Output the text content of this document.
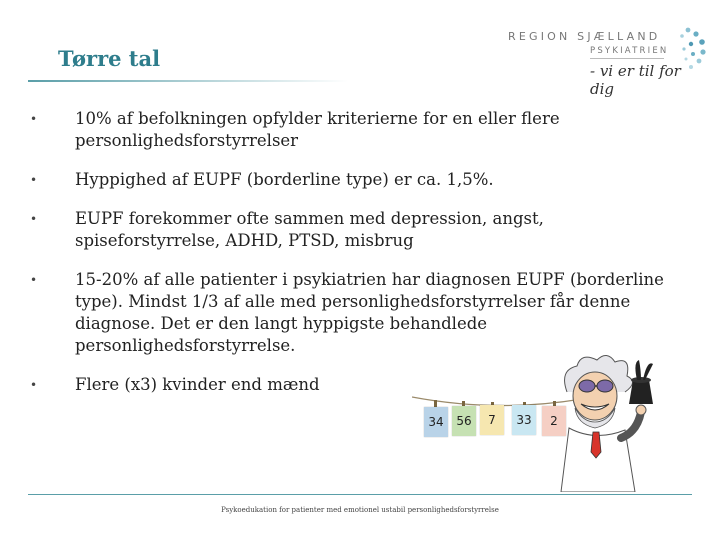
Tørre tal
REGION SJÆLLAND
PSYKIATRIEN
- vi er til for dig
• 10% af befolkningen opfylder kriterierne for en eller flere personlighedsforstyrrelser
• Hyppighed af EUPF (borderline type) er ca. 1,5%.
• EUPF forekommer ofte sammen med depression, angst, spiseforstyrrelse, ADHD, PTSD, misbrug
• 15-20% af alle patienter i psykiatrien har diagnosen EUPF (borderline type). Mindst 1/3 af alle med personlighedsforstyrrelser får denne diagnose. Det er den langt hyppigste behandlede personlighedsforstyrrelse.
• Flere (x3) kvinder end mænd
34	56	7	33	2
Psykoedukation for patienter med emotionel ustabil personlighedsforstyrrelse
